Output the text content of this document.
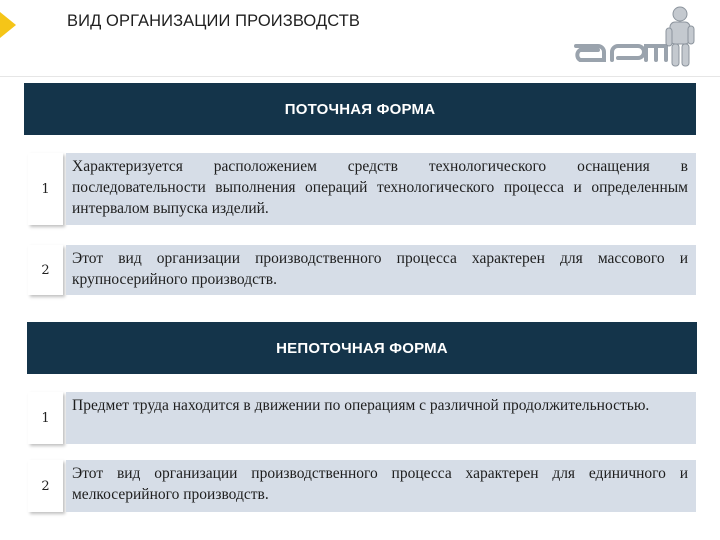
ВИД ОРГАНИЗАЦИИ ПРОИЗВОДСТВ
ПОТОЧНАЯ ФОРМА
1
Характеризуется расположением средств технологического оснащения в последовательности выполнения операций технологического процесса и определенным интервалом выпуска изделий.
2
Этот вид организации производственного процесса характерен для массового и крупносерийного производств.
НЕПОТОЧНАЯ ФОРМА
1
Предмет труда находится в движении по операциям с различной продолжительностью.
2
Этот вид организации производственного процесса характерен для единичного и мелкосерийного производств.
